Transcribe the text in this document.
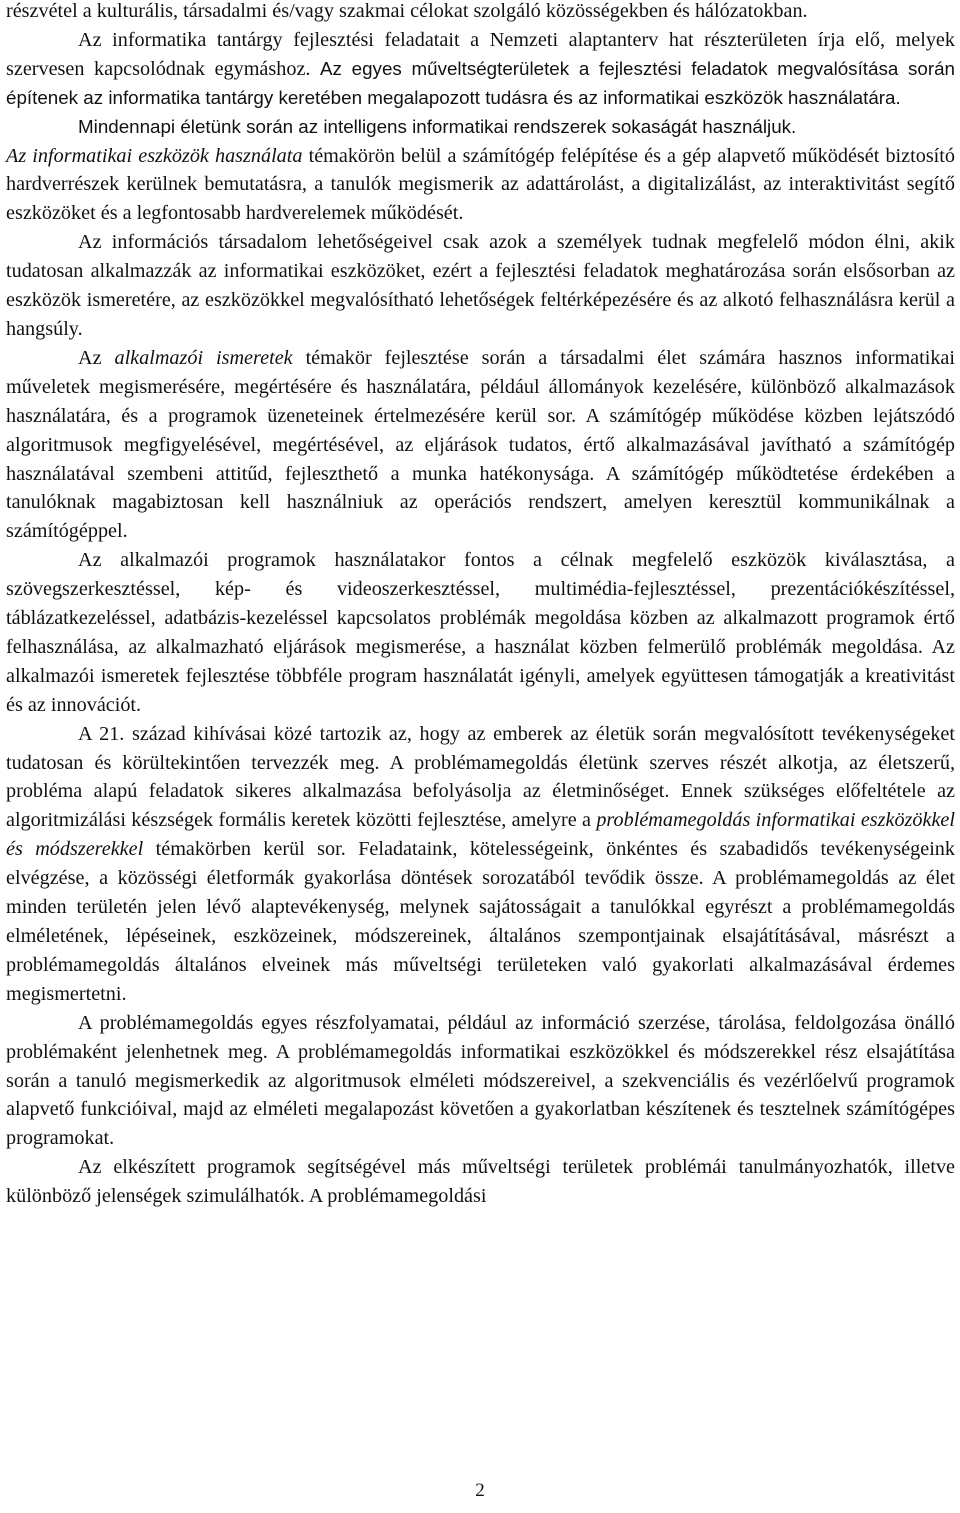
részvétel a kulturális, társadalmi és/vagy szakmai célokat szolgáló közösségekben és hálózatokban.

Az informatika tantárgy fejlesztési feladatait a Nemzeti alaptanterv hat részterületen írja elő, melyek szervesen kapcsolódnak egymáshoz. Az egyes műveltségterületek a fejlesztési feladatok megvalósítása során építenek az informatika tantárgy keretében megalapozott tudásra és az informatikai eszközök használatára.

Mindennapi életünk során az intelligens informatikai rendszerek sokaságát használjuk.

Az informatikai eszközök használata témakörön belül a számítógép felépítése és a gép alapvető működését biztosító hardverrészek kerülnek bemutatásra, a tanulók megismerik az adattárolást, a digitalizálást, az interaktivitást segítő eszközöket és a legfontosabb hardverelemek működését.

Az információs társadalom lehetőségeivel csak azok a személyek tudnak megfelelő módon élni, akik tudatosan alkalmazzák az informatikai eszközöket, ezért a fejlesztési feladatok meghatározása során elsősorban az eszközök ismeretére, az eszközökkel megvalósítható lehetőségek feltérképezésére és az alkotó felhasználásra kerül a hangsúly.

Az alkalmazói ismeretek témakör fejlesztése során a társadalmi élet számára hasznos informatikai műveletek megismerésére, megértésére és használatára, például állományok kezelésére, különböző alkalmazások használatára, és a programok üzeneteinek értelmezésére kerül sor. A számítógép működése közben lejátszódó algoritmusok megfigyelésével, megértésével, az eljárások tudatos, értő alkalmazásával javítható a számítógép használatával szembeni attitűd, fejleszthető a munka hatékonysága. A számítógép működtetése érdekében a tanulóknak magabiztosan kell használniuk az operációs rendszert, amelyen keresztül kommunikálnak a számítógéppel.

Az alkalmazói programok használatakor fontos a célnak megfelelő eszközök kiválasztása, a szövegszerkesztéssel, kép- és videoszerkesztéssel, multimédia-fejlesztéssel, prezentációkészítéssel, táblázatkezeléssel, adatbázis-kezeléssel kapcsolatos problémák megoldása közben az alkalmazott programok értő felhasználása, az alkalmazható eljárások megismerése, a használat közben felmerülő problémák megoldása. Az alkalmazói ismeretek fejlesztése többféle program használatát igényli, amelyek együttesen támogatják a kreativitást és az innovációt.

A 21. század kihívásai közé tartozik az, hogy az emberek az életük során megvalósított tevékenységeket tudatosan és körültekintően tervezzék meg. A problémamegoldás életünk szerves részét alkotja, az életszerű, probléma alapú feladatok sikeres alkalmazása befolyásolja az életminőséget. Ennek szükséges előfeltétele az algoritmizálási készségek formális keretek közötti fejlesztése, amelyre a problémamegoldás informatikai eszközökkel és módszerekkel témakörben kerül sor. Feladataink, kötelességeink, önkéntes és szabadidős tevékenységeink elvégzése, a közösségi életformák gyakorlása döntések sorozatából tevődik össze. A problémamegoldás az élet minden területén jelen lévő alaptevékenység, melynek sajátosságait a tanulókkal egyrészt a problémamegoldás elméletének, lépéseinek, eszközeinek, módszereinek, általános szempontjainak elsajátításával, másrészt a problémamegoldás általános elveinek más műveltségi területeken való gyakorlati alkalmazásával érdemes megismertetni.

A problémamegoldás egyes részfolyamatai, például az információ szerzése, tárolása, feldolgozása önálló problémaként jelenhetnek meg. A problémamegoldás informatikai eszközökkel és módszerekkel rész elsajátítása során a tanuló megismerkedik az algoritmusok elméleti módszereivel, a szekvenciális és vezérlőelvű programok alapvető funkcióival, majd az elméleti megalapozást követően a gyakorlatban készítenek és tesztelnek számítógépes programokat.

Az elkészített programok segítségével más műveltségi területek problémái tanulmányozhatók, illetve különböző jelenségek szimulálhatók. A problémamegoldási

2
